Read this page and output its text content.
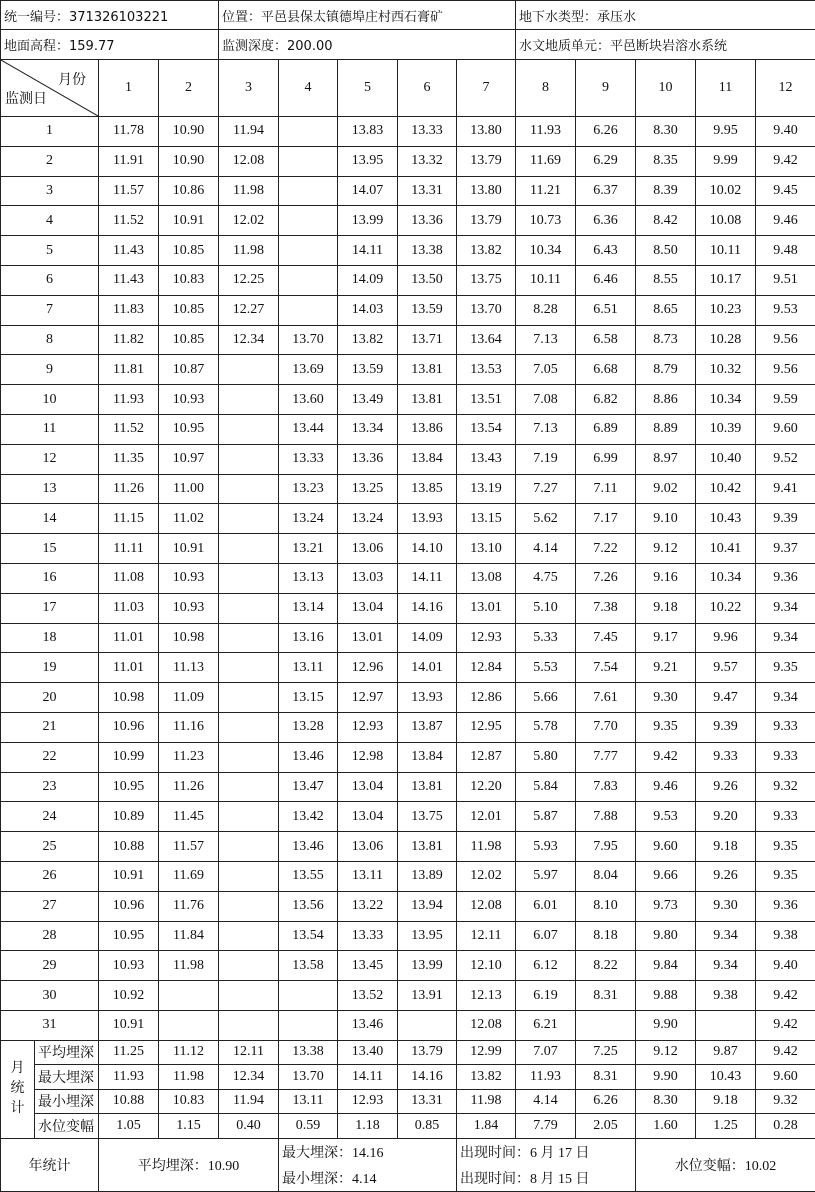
统一编号：371326103221				位置：平邑县保太镇德埠庄村西石膏矿					地下水类型：承压水				
地面高程：159.77				监测深度：200.00					水文地质单元：平邑断块岩溶水系统				

月份
监测日		1	2	3	4	5	6	7	8	9	10	11	12
1		11.78	10.90	11.94		13.83	13.33	13.80	11.93	6.26	8.30	9.95	9.40
2		11.91	10.90	12.08		13.95	13.32	13.79	11.69	6.29	8.35	9.99	9.42
3		11.57	10.86	11.98		14.07	13.31	13.80	11.21	6.37	8.39	10.02	9.45
4		11.52	10.91	12.02		13.99	13.36	13.79	10.73	6.36	8.42	10.08	9.46
5		11.43	10.85	11.98		14.11	13.38	13.82	10.34	6.43	8.50	10.11	9.48
6		11.43	10.83	12.25		14.09	13.50	13.75	10.11	6.46	8.55	10.17	9.51
7		11.83	10.85	12.27		14.03	13.59	13.70	8.28	6.51	8.65	10.23	9.53
8		11.82	10.85	12.34	13.70	13.82	13.71	13.64	7.13	6.58	8.73	10.28	9.56
9		11.81	10.87		13.69	13.59	13.81	13.53	7.05	6.68	8.79	10.32	9.56
10		11.93	10.93		13.60	13.49	13.81	13.51	7.08	6.82	8.86	10.34	9.59
11		11.52	10.95		13.44	13.34	13.86	13.54	7.13	6.89	8.89	10.39	9.60
12		11.35	10.97		13.33	13.36	13.84	13.43	7.19	6.99	8.97	10.40	9.52
13		11.26	11.00		13.23	13.25	13.85	13.19	7.27	7.11	9.02	10.42	9.41
14		11.15	11.02		13.24	13.24	13.93	13.15	5.62	7.17	9.10	10.43	9.39
15		11.11	10.91		13.21	13.06	14.10	13.10	4.14	7.22	9.12	10.41	9.37
16		11.08	10.93		13.13	13.03	14.11	13.08	4.75	7.26	9.16	10.34	9.36
17		11.03	10.93		13.14	13.04	14.16	13.01	5.10	7.38	9.18	10.22	9.34
18		11.01	10.98		13.16	13.01	14.09	12.93	5.33	7.45	9.17	9.96	9.34
19		11.01	11.13		13.11	12.96	14.01	12.84	5.53	7.54	9.21	9.57	9.35
20		10.98	11.09		13.15	12.97	13.93	12.86	5.66	7.61	9.30	9.47	9.34
21		10.96	11.16		13.28	12.93	13.87	12.95	5.78	7.70	9.35	9.39	9.33
22		10.99	11.23		13.46	12.98	13.84	12.87	5.80	7.77	9.42	9.33	9.33
23		10.95	11.26		13.47	13.04	13.81	12.20	5.84	7.83	9.46	9.26	9.32
24		10.89	11.45		13.42	13.04	13.75	12.01	5.87	7.88	9.53	9.20	9.33
25		10.88	11.57		13.46	13.06	13.81	11.98	5.93	7.95	9.60	9.18	9.35
26		10.91	11.69		13.55	13.11	13.89	12.02	5.97	8.04	9.66	9.26	9.35
27		10.96	11.76		13.56	13.22	13.94	12.08	6.01	8.10	9.73	9.30	9.36
28		10.95	11.84		13.54	13.33	13.95	12.11	6.07	8.18	9.80	9.34	9.38
29		10.93	11.98		13.58	13.45	13.99	12.10	6.12	8.22	9.84	9.34	9.40
30		10.92				13.52	13.91	12.13	6.19	8.31	9.88	9.38	9.42
31		10.91				13.46		12.08	6.21		9.90		9.42

月
统
计	平均埋深	11.25	11.12	12.11	13.38	13.40	13.79	12.99	7.07	7.25	9.12	9.87	9.42
	最大埋深	11.93	11.98	12.34	13.70	14.11	14.16	13.82	11.93	8.31	9.90	10.43	9.60
	最小埋深	10.88	10.83	11.94	13.11	12.93	13.31	11.98	4.14	6.26	8.30	9.18	9.32
	水位变幅	1.05	1.15	0.40	0.59	1.18	0.85	1.84	7.79	2.05	1.60	1.25	0.28
年统计		平均埋深：10.90			最大埋深：14.16			出现时间：6 月 17 日			水位变幅：10.02		
					最小埋深：4.14			出现时间：8 月 15 日					
